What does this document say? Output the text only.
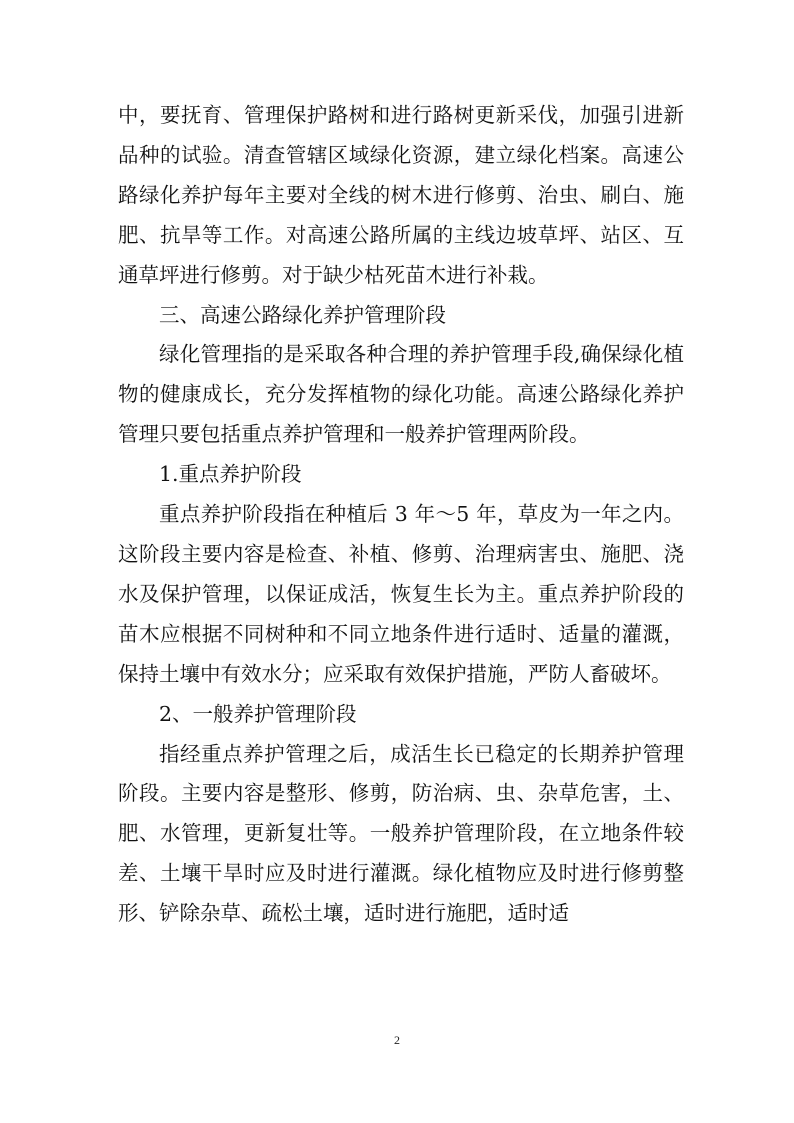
中，要抚育、管理保护路树和进行路树更新采伐，加强引进新品种的试验。清查管辖区域绿化资源，建立绿化档案。高速公路绿化养护每年主要对全线的树木进行修剪、治虫、刷白、施肥、抗旱等工作。对高速公路所属的主线边坡草坪、站区、互通草坪进行修剪。对于缺少枯死苗木进行补栽。

三、高速公路绿化养护管理阶段

绿化管理指的是采取各种合理的养护管理手段,确保绿化植物的健康成长，充分发挥植物的绿化功能。高速公路绿化养护管理只要包括重点养护管理和一般养护管理两阶段。

1.重点养护阶段

重点养护阶段指在种植后 3 年～5 年，草皮为一年之内。这阶段主要内容是检查、补植、修剪、治理病害虫、施肥、浇水及保护管理，以保证成活，恢复生长为主。重点养护阶段的苗木应根据不同树种和不同立地条件进行适时、适量的灌溉，保持土壤中有效水分；应采取有效保护措施，严防人畜破坏。

2、一般养护管理阶段

指经重点养护管理之后，成活生长已稳定的长期养护管理阶段。主要内容是整形、修剪，防治病、虫、杂草危害，土、肥、水管理，更新复壮等。一般养护管理阶段，在立地条件较差、土壤干旱时应及时进行灌溉。绿化植物应及时进行修剪整形、铲除杂草、疏松土壤，适时进行施肥，适时适

2
